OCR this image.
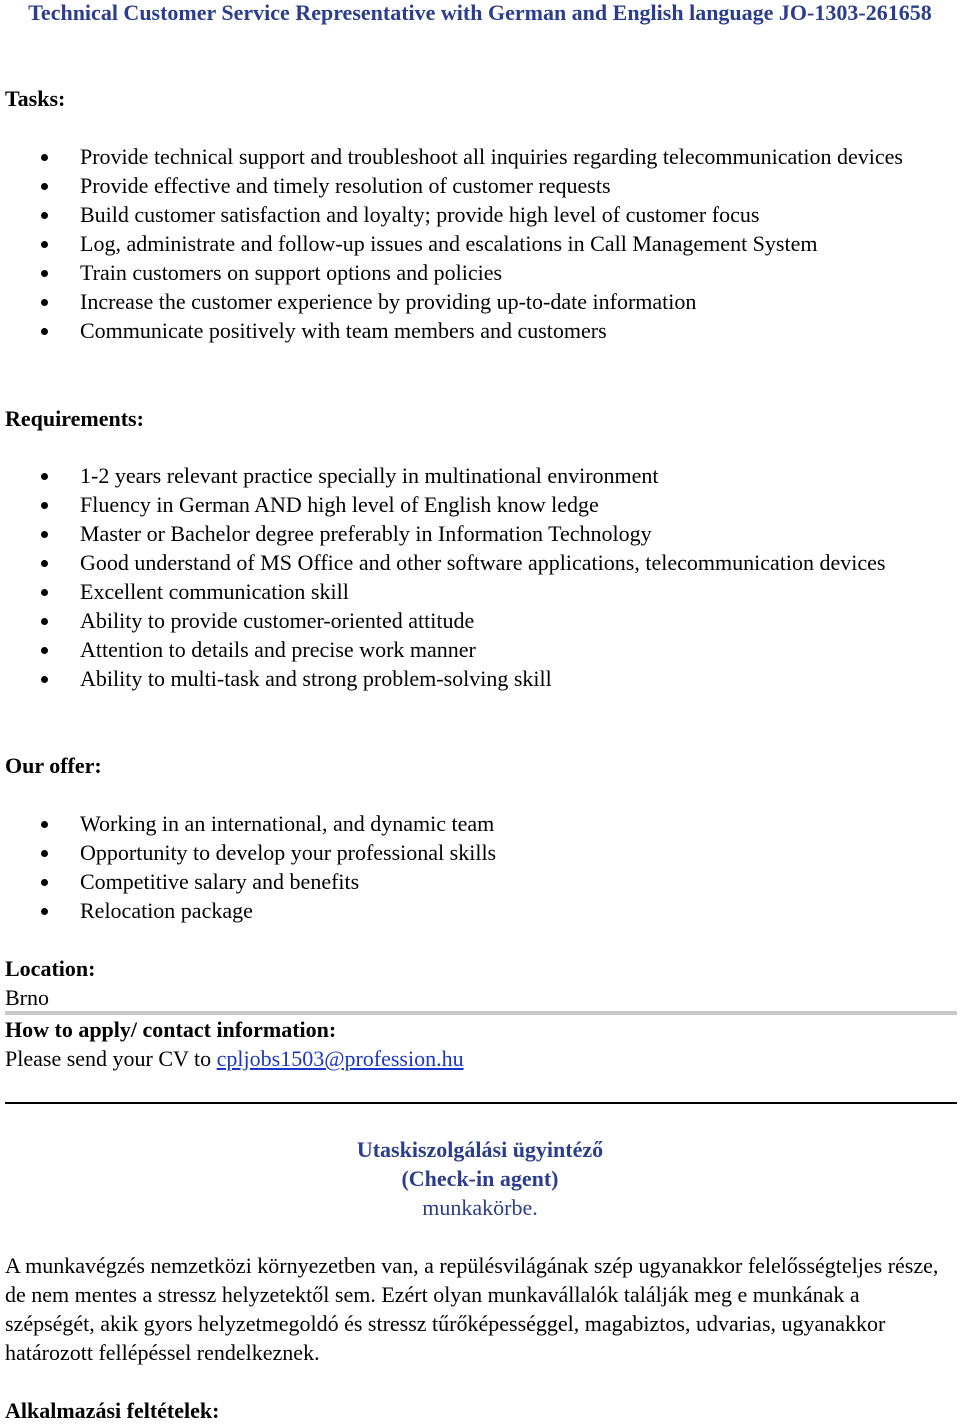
Technical Customer Service Representative with German and English language JO-1303-261658
Tasks:
Provide technical support and troubleshoot all inquiries regarding telecommunication devices
Provide effective and timely resolution of customer requests
Build customer satisfaction and loyalty; provide high level of customer focus
Log, administrate and follow-up issues and escalations in Call Management System
Train customers on support options and policies
Increase the customer experience by providing up-to-date information
Communicate positively with team members and customers
Requirements:
1-2 years relevant practice specially in multinational environment
Fluency in German AND high level of English know ledge
Master or Bachelor degree preferably in Information Technology
Good understand of MS Office and other software applications, telecommunication devices
Excellent communication skill
Ability to provide customer-oriented attitude
Attention to details and precise work manner
Ability to multi-task and strong problem-solving skill
Our offer:
Working in an international, and dynamic team
Opportunity to develop your professional skills
Competitive salary and benefits
Relocation package
Location:

Brno

How to apply/ contact information:

Please send your CV to cpljobs1503@profession.hu

Utaskiszolgálási ügyintéző
(Check-in agent)
munkakörbe.

A munkavégzés nemzetközi környezetben van, a repülésvilágának szép ugyanakkor felelősségteljes része, de nem mentes a stressz helyzetektől sem. Ezért olyan munkavállalók találják meg e munkának a szépségét, akik gyors helyzetmegoldó és stressz tűrőképességgel, magabiztos, udvarias, ugyanakkor határozott fellépéssel rendelkeznek.

Alkalmazási feltételek:
